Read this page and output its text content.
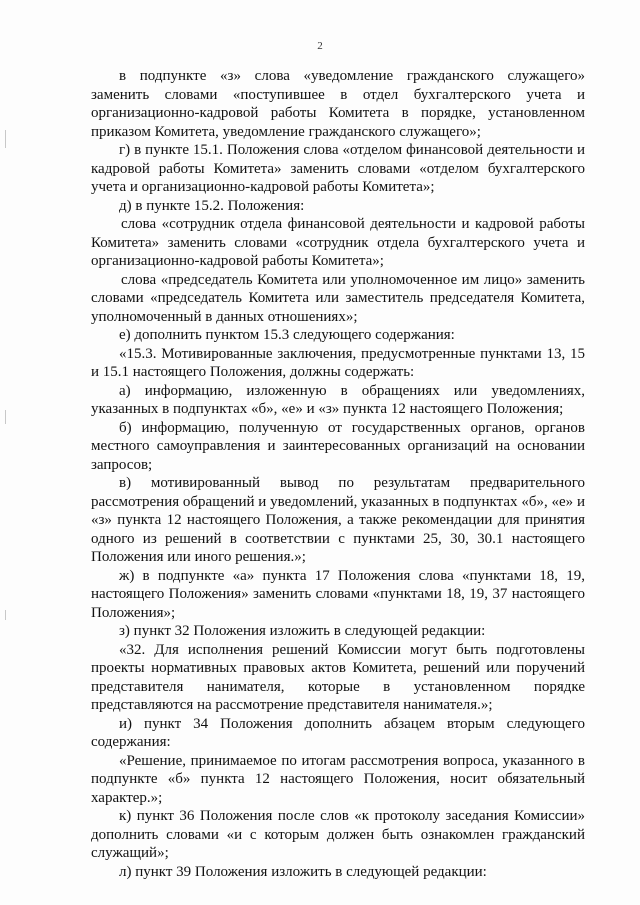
2

в подпункте «з» слова «уведомление гражданского служащего» заменить словами «поступившее в отдел бухгалтерского учета и организационно-кадровой работы Комитета в порядке, установленном приказом Комитета, уведомление гражданского служащего»;

г) в пункте 15.1. Положения слова «отделом финансовой деятельности и кадровой работы Комитета» заменить словами «отделом бухгалтерского учета и организационно-кадровой работы Комитета»;

д) в пункте 15.2. Положения:

слова «сотрудник отдела финансовой деятельности и кадровой работы Комитета» заменить словами «сотрудник отдела бухгалтерского учета и организационно-кадровой работы Комитета»;

слова «председатель Комитета или уполномоченное им лицо» заменить словами «председатель Комитета или заместитель председателя Комитета, уполномоченный в данных отношениях»;

е) дополнить пунктом 15.3 следующего содержания:

«15.3. Мотивированные заключения, предусмотренные пунктами 13, 15 и 15.1 настоящего Положения, должны содержать:

а) информацию, изложенную в обращениях или уведомлениях, указанных в подпунктах «б», «е» и «з» пункта 12 настоящего Положения;

б) информацию, полученную от государственных органов, органов местного самоуправления и заинтересованных организаций на основании запросов;

в) мотивированный вывод по результатам предварительного рассмотрения обращений и уведомлений, указанных в подпунктах «б», «е» и «з» пункта 12 настоящего Положения, а также рекомендации для принятия одного из решений в соответствии с пунктами 25, 30, 30.1 настоящего Положения или иного решения.»;

ж) в подпункте «а» пункта 17 Положения слова «пунктами 18, 19, настоящего Положения» заменить словами «пунктами 18, 19, 37 настоящего Положения»;

з) пункт 32 Положения изложить в следующей редакции:

«32. Для исполнения решений Комиссии могут быть подготовлены проекты нормативных правовых актов Комитета, решений или поручений представителя нанимателя, которые в установленном порядке представляются на рассмотрение представителя нанимателя.»;

и) пункт 34 Положения дополнить абзацем вторым следующего содержания:

«Решение, принимаемое по итогам рассмотрения вопроса, указанного в подпункте «б» пункта 12 настоящего Положения, носит обязательный характер.»;

к) пункт 36 Положения после слов «к протоколу заседания Комиссии» дополнить словами «и с которым должен быть ознакомлен гражданский служащий»;

л) пункт 39 Положения изложить в следующей редакции:
